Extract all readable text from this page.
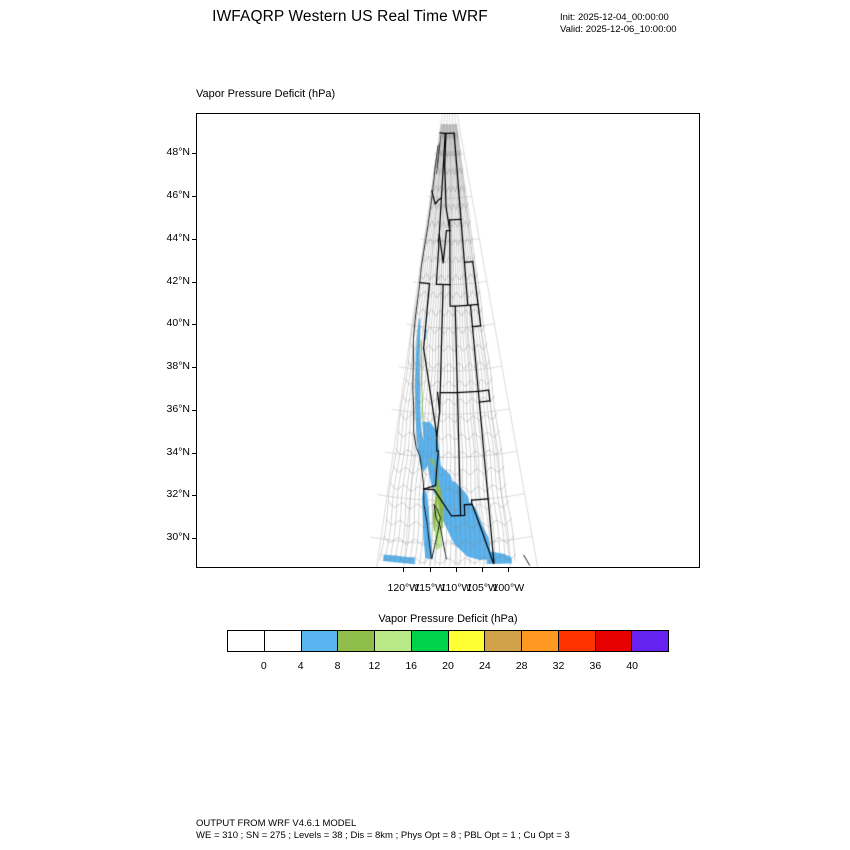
IWFAQRP Western US Real Time WRF	Init: 2025-12-04_00:00:00
Valid: 2025-12-06_10:00:00
Vapor Pressure Deficit (hPa)
30°N
32°N
34°N
36°N
38°N
40°N
42°N
44°N
46°N
48°N
120°W
115°W
110°W
105°W
100°W
Vapor Pressure Deficit (hPa)
0	4	8	12 16 20 24 28 32 36 40
OUTPUT FROM WRF V4.6.1 MODEL
WE = 310 ; SN = 275 ; Levels = 38 ; Dis = 8km ; Phys Opt = 8 ; PBL Opt = 1 ; Cu Opt = 3
